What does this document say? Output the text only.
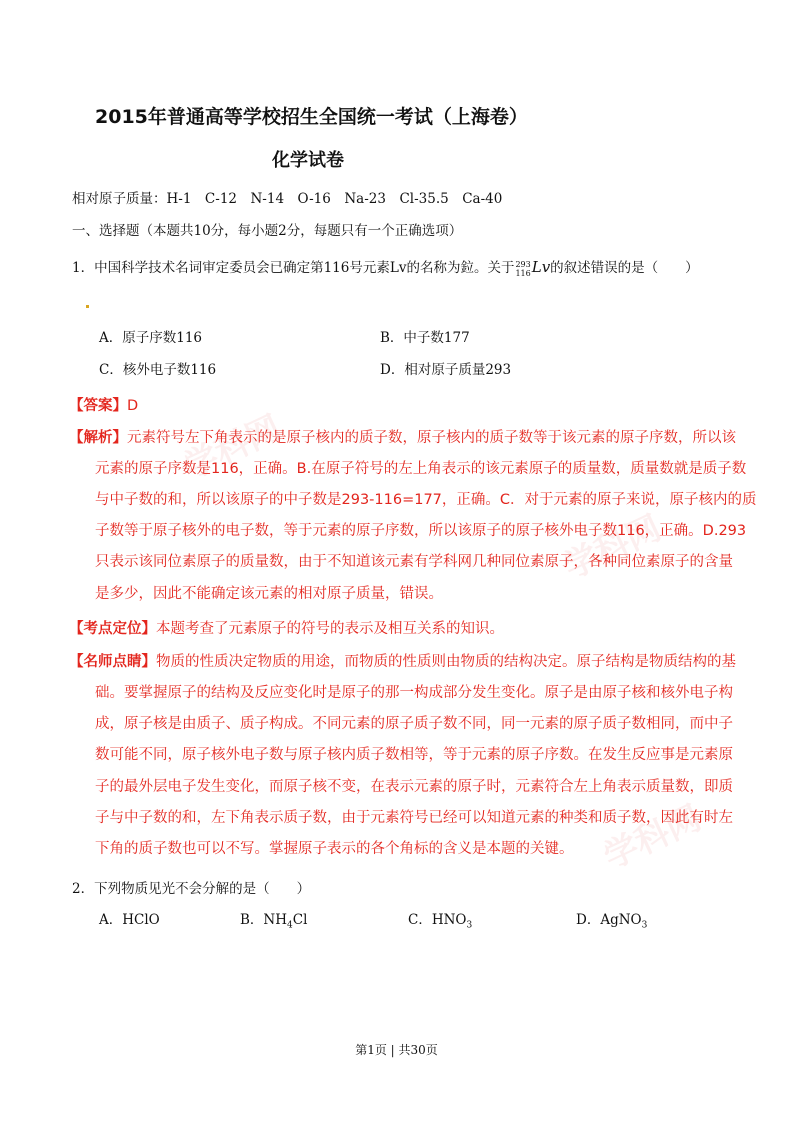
学科网
学科网
学科网
2015年普通高等学校招生全国统一考试（上海卷）
化学试卷
相对原子质量：H-1　C-12　N-14　O-16　Na-23　Cl-35.5　Ca-40
一、选择题（本题共10分，每小题2分，每题只有一个正确选项）
1．中国科学技术名词审定委员会已确定第116号元素Lv的名称为鉝。关于293
116Lv的叙述错误的是（　　）
A．原子序数116	B．中子数177
C．核外电子数116	D．相对原子质量293
【答案】D
【解析】元素符号左下角表示的是原子核内的质子数，原子核内的质子数等于该元素的原子序数，所以该
元素的原子序数是116，正确。B.在原子符号的左上角表示的该元素原子的质量数，质量数就是质子数
与中子数的和，所以该原子的中子数是293-116=177，正确。C．对于元素的原子来说，原子核内的质
子数等于原子核外的电子数，等于元素的原子序数，所以该原子的原子核外电子数116，正确。D.293
只表示该同位素原子的质量数，由于不知道该元素有学科网几种同位素原子，各种同位素原子的含量
是多少，因此不能确定该元素的相对原子质量，错误。
【考点定位】本题考查了元素原子的符号的表示及相互关系的知识。
【名师点睛】物质的性质决定物质的用途，而物质的性质则由物质的结构决定。原子结构是物质结构的基
础。要掌握原子的结构及反应变化时是原子的那一构成部分发生变化。原子是由原子核和核外电子构
成，原子核是由质子、质子构成。不同元素的原子质子数不同，同一元素的原子质子数相同，而中子
数可能不同，原子核外电子数与原子核内质子数相等，等于元素的原子序数。在发生反应事是元素原
子的最外层电子发生变化，而原子核不变，在表示元素的原子时，元素符合左上角表示质量数，即质
子与中子数的和，左下角表示质子数，由于元素符号已经可以知道元素的种类和质子数，因此有时左
下角的质子数也可以不写。掌握原子表示的各个角标的含义是本题的关键。
2．下列物质见光不会分解的是（　　）
A．HClO	B．$NH_4Cl$	C．$HNO_3$	D．AgNO$_3$
第1页 | 共30页
